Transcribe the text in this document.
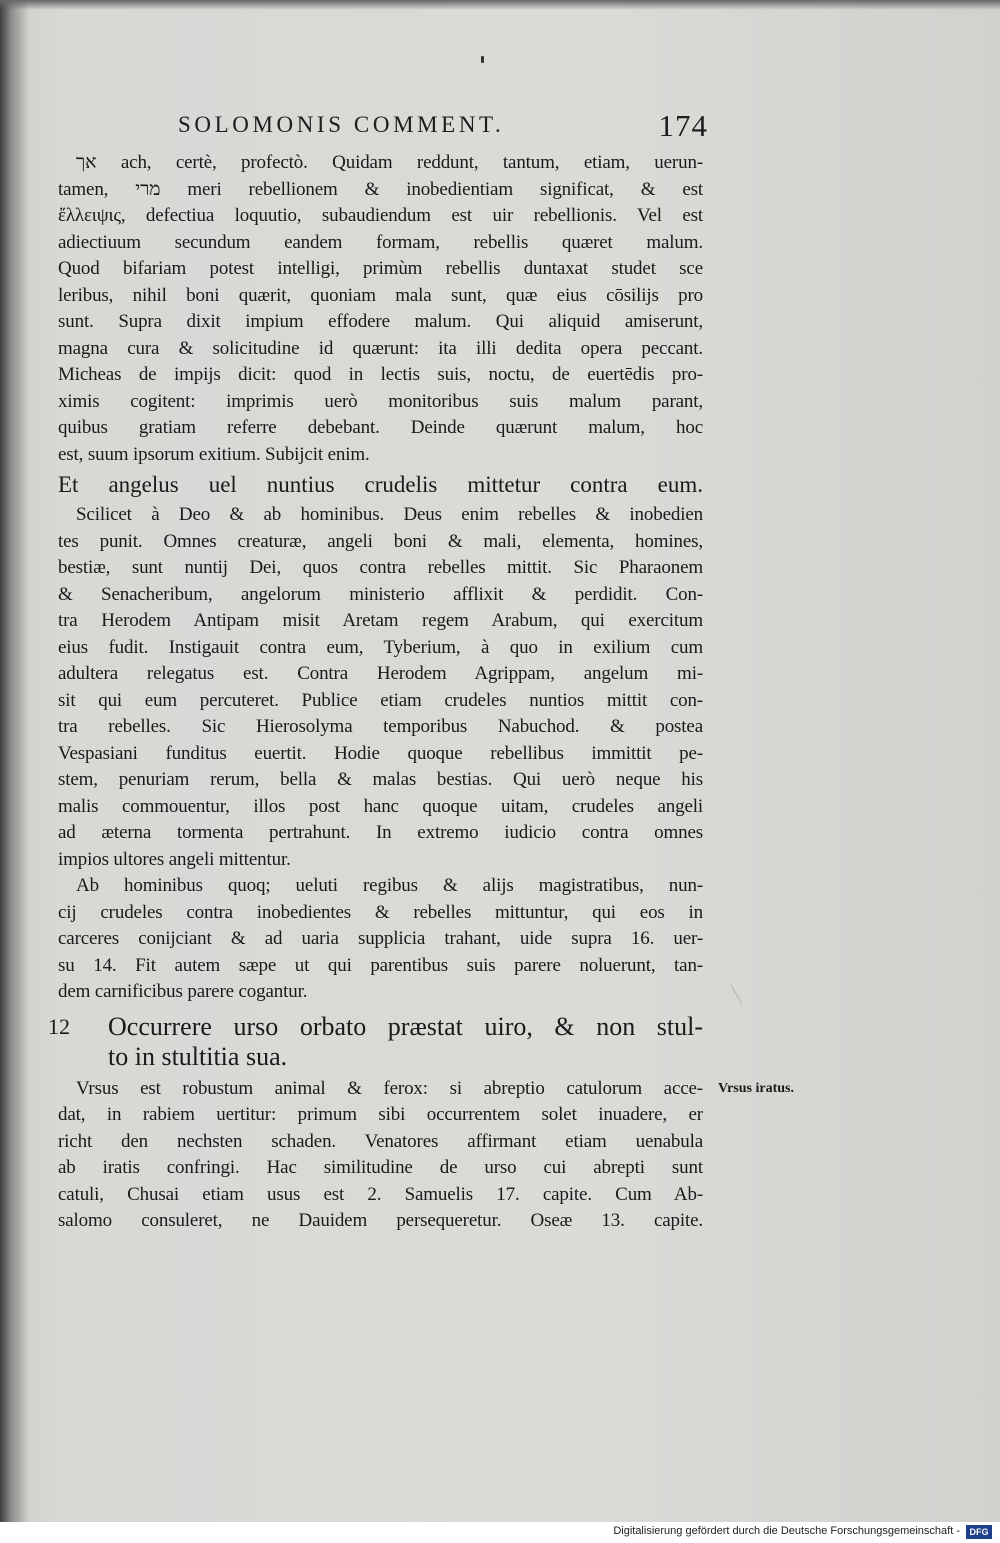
SOLOMONIS COMMENT.	174
אך ach, certè, profectò. Quidam reddunt, tantum, etiam, uerun-
tamen, מרי meri rebellionem & inobedientiam significat, & est
ἔλλειψις, defectiua loquutio, subaudiendum est uir rebellionis. Vel est
adiectiuum secundum eandem formam, rebellis quæret malum.
Quod bifariam potest intelligi, primùm rebellis duntaxat studet sce
leribus, nihil boni quærit, quoniam mala sunt, quæ eius cōsilijs pro
sunt. Supra dixit impium effodere malum. Qui aliquid amiserunt,
magna cura & solicitudine id quærunt: ita illi dedita opera peccant.
Micheas de impijs dicit: quod in lectis suis, noctu, de euertēdis pro-
ximis cogitent: imprimis uerò monitoribus suis malum parant,
quibus gratiam referre debebant. Deinde quærunt malum, hoc
est, suum ipsorum exitium. Subijcit enim.
Et angelus uel nuntius crudelis mittetur contra eum.
Scilicet à Deo & ab hominibus. Deus enim rebelles & inobedien
tes punit. Omnes creaturæ, angeli boni & mali, elementa, homines,
bestiæ, sunt nuntij Dei, quos contra rebelles mittit. Sic Pharaonem
& Senacheribum, angelorum ministerio afflixit & perdidit. Con-
tra Herodem Antipam misit Aretam regem Arabum, qui exercitum
eius fudit. Instigauit contra eum, Tyberium, à quo in exilium cum
adultera relegatus est. Contra Herodem Agrippam, angelum mi-
sit qui eum percuteret. Publice etiam crudeles nuntios mittit con-
tra rebelles. Sic Hierosolyma temporibus Nabuchod. & postea
Vespasiani funditus euertit. Hodie quoque rebellibus immittit pe-
stem, penuriam rerum, bella & malas bestias. Qui uerò neque his
malis commouentur, illos post hanc quoque uitam, crudeles angeli
ad æterna tormenta pertrahunt. In extremo iudicio contra omnes
impios ultores angeli mittentur.
Ab hominibus quoq; ueluti regibus & alijs magistratibus, nun-
cij crudeles contra inobedientes & rebelles mittuntur, qui eos in
carceres conijciant & ad uaria supplicia trahant, uide supra 16. uer-
su 14. Fit autem sæpe ut qui parentibus suis parere noluerunt, tan-
dem carnificibus parere cogantur.
12	Occurrere urso orbato præstat uiro, & non stul-
to in stultitia sua.
Vrsus est robustum animal & ferox: si abreptio catulorum acce-
dat, in rabiem uertitur: primum sibi occurrentem solet inuadere, er
richt den nechsten schaden. Venatores affirmant etiam uenabula
ab iratis confringi. Hac similitudine de urso cui abrepti sunt
catuli, Chusai etiam usus est 2. Samuelis 17. capite. Cum Ab-
salomo consuleret, ne Dauidem persequeretur. Oseæ 13. capite.
Vrsus iratus.
Digitalisierung gefördert durch die Deutsche Forschungsgemeinschaft -	DFG
